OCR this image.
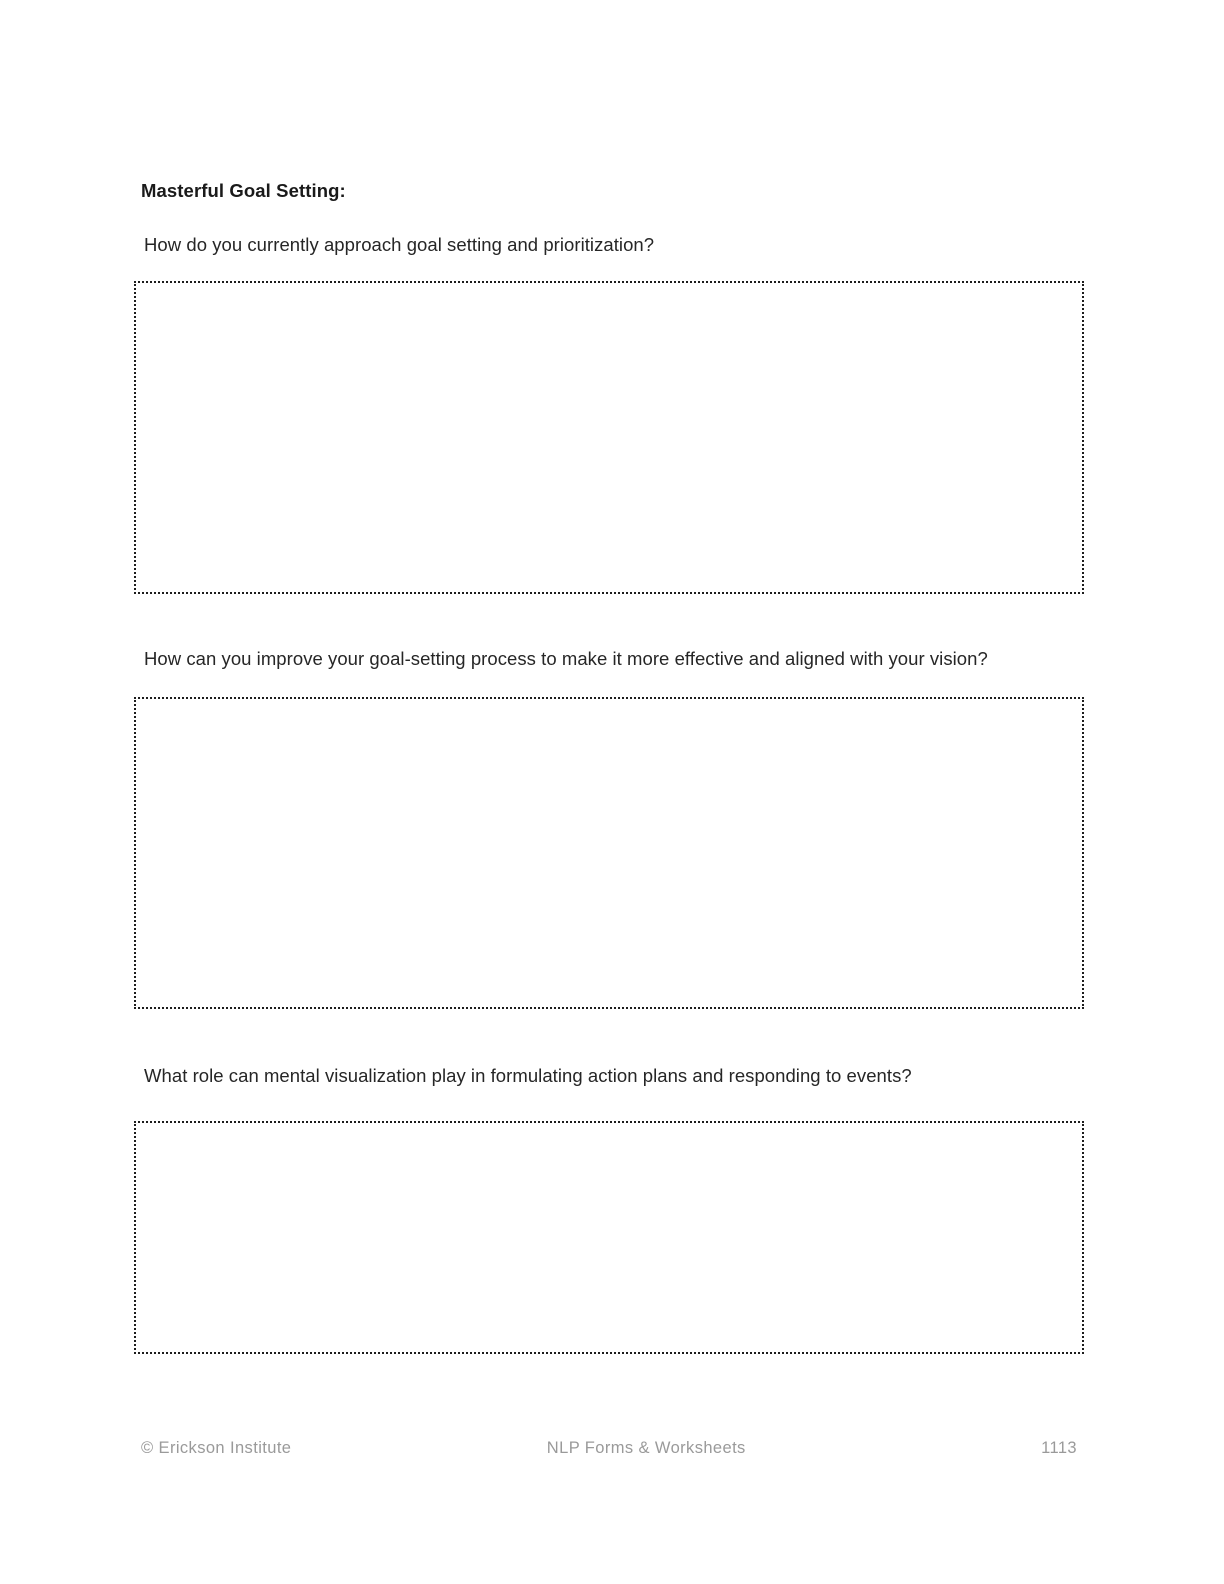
Masterful Goal Setting:

How do you currently approach goal setting and prioritization?

How can you improve your goal-setting process to make it more effective and aligned with your vision?

What role can mental visualization play in formulating action plans and responding to events?

© Erickson Institute	NLP Forms & Worksheets	1113
